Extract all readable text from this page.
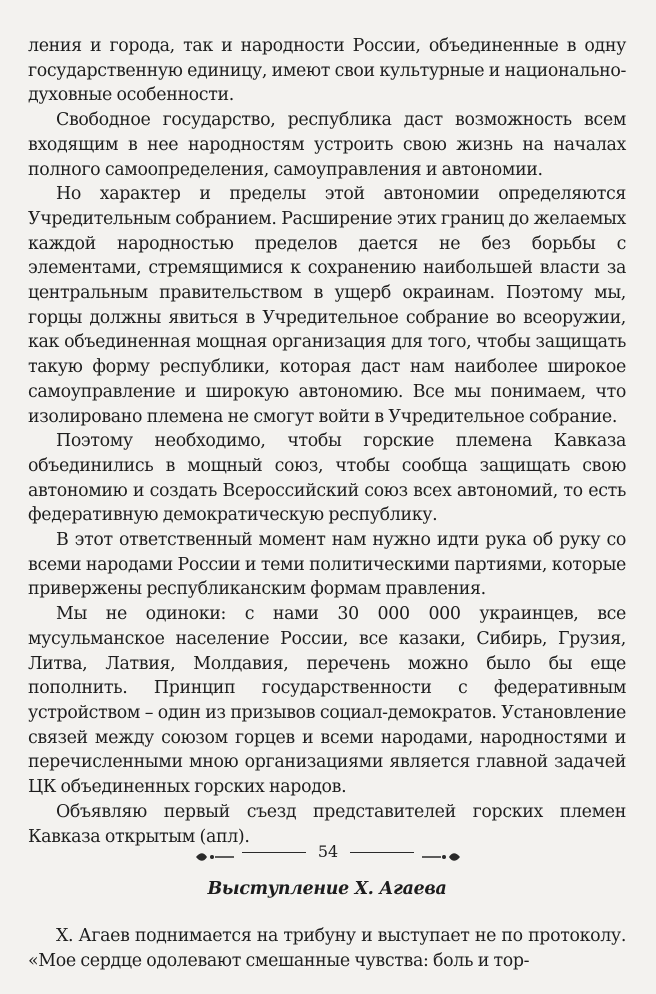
ления и города, так и народности России, объединенные в одну государственную единицу, имеют свои культурные и национально-духовные особенности.

Свободное государство, республика даст возможность всем входящим в нее народностям устроить свою жизнь на началах полного самоопределения, самоуправления и автономии.

Но характер и пределы этой автономии определяются Учредительным собранием. Расширение этих границ до желаемых каждой народностью пределов дается не без борьбы с элементами, стремящимися к сохранению наибольшей власти за центральным правительством в ущерб окраинам. Поэтому мы, горцы должны явиться в Учредительное собрание во всеоружии, как объединенная мощная организация для того, чтобы защищать такую форму республики, которая даст нам наиболее широкое самоуправление и широкую автономию. Все мы понимаем, что изолировано племена не смогут войти в Учредительное собрание.

Поэтому необходимо, чтобы горские племена Кавказа объединились в мощный союз, чтобы сообща защищать свою автономию и создать Всероссийский союз всех автономий, то есть федеративную демократическую республику.

В этот ответственный момент нам нужно идти рука об руку со всеми народами России и теми политическими партиями, которые привержены республиканским формам правления.

Мы не одиноки: с нами 30 000 000 украинцев, все мусульманское население России, все казаки, Сибирь, Грузия, Литва, Латвия, Молдавия, перечень можно было бы еще пополнить. Принцип государственности с федеративным устройством – один из призывов социал-демократов. Установление связей между союзом горцев и всеми народами, народностями и перечисленными мною организациями является главной задачей ЦК объединенных горских народов.

Объявляю первый съезд представителей горских племен Кавказа открытым (апл).

Выступление Х. Агаева

Х. Агаев поднимается на трибуну и выступает не по протоколу. «Мое сердце одолевают смешанные чувства: боль и тор-

54
